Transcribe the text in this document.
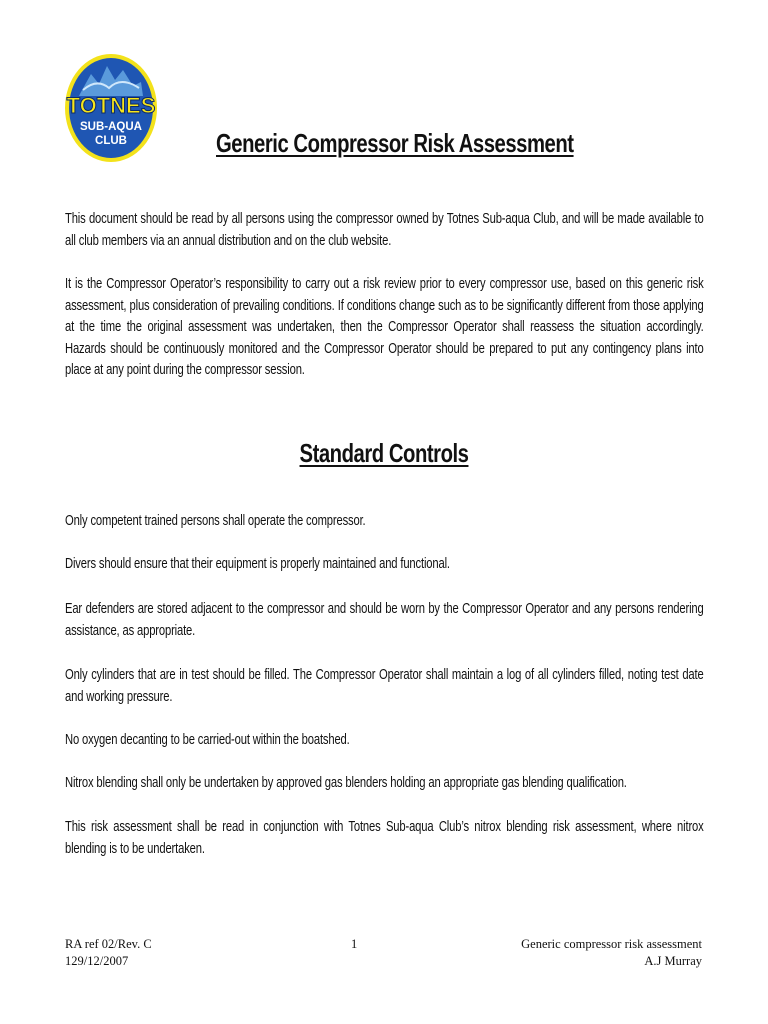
TOTNES
SUB-AQUA
CLUB	Generic Compressor Risk Assessment

This document should be read by all persons using the compressor owned by Totnes Sub-aqua Club, and will be made available to all club members via an annual distribution and on the club website.

It is the Compressor Operator’s responsibility to carry out a risk review prior to every compressor use, based on this generic risk assessment, plus consideration of prevailing conditions. If conditions change such as to be significantly different from those applying at the time the original assessment was undertaken, then the Compressor Operator shall reassess the situation accordingly. Hazards should be continuously monitored and the Compressor Operator should be prepared to put any contingency plans into place at any point during the compressor session.

Standard Controls

Only competent trained persons shall operate the compressor.

Divers should ensure that their equipment is properly maintained and functional.

Ear defenders are stored adjacent to the compressor and should be worn by the Compressor Operator and any persons rendering assistance, as appropriate.

Only cylinders that are in test should be filled. The Compressor Operator shall maintain a log of all cylinders filled, noting test date and working pressure.

No oxygen decanting to be carried-out within the boatshed.

Nitrox blending shall only be undertaken by approved gas blenders holding an appropriate gas blending qualification.

This risk assessment shall be read in conjunction with Totnes Sub-aqua Club’s nitrox blending risk assessment, where nitrox blending is to be undertaken.

RA ref 02/Rev. C
129/12/2007
1	Generic compressor risk assessment
A.J Murray
